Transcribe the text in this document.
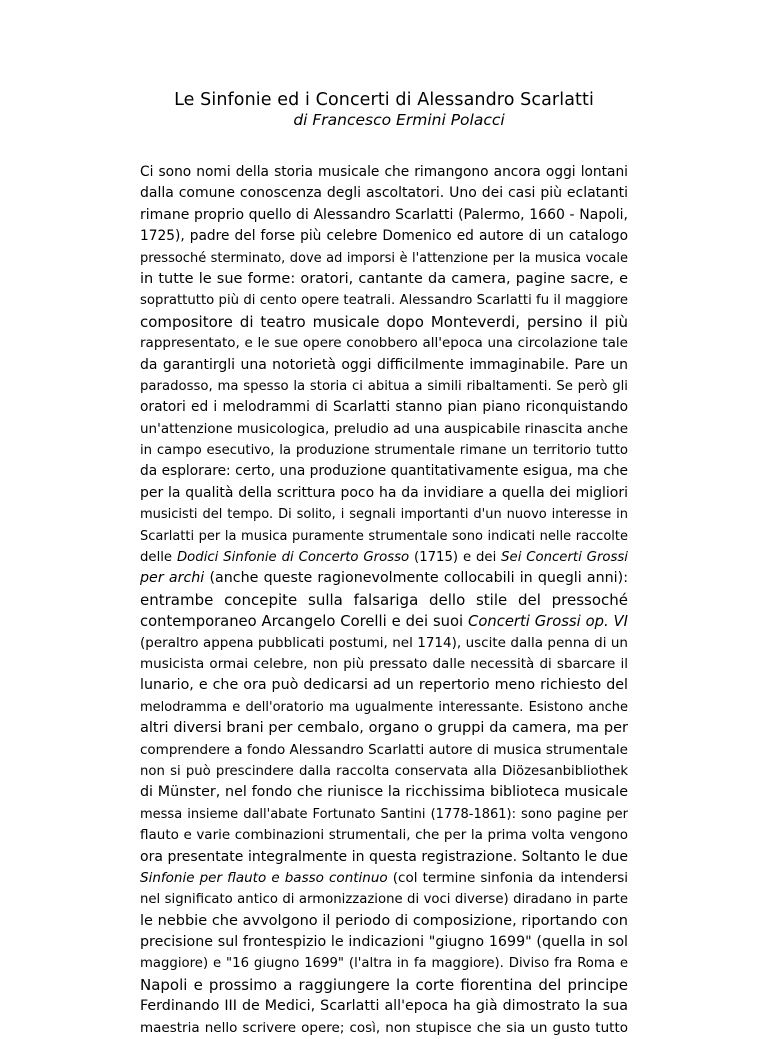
Le Sinfonie ed i Concerti di Alessandro Scarlatti
di Francesco Ermini Polacci
Ci sono nomi della storia musicale che rimangono ancora oggi lontani
dalla comune conoscenza degli ascoltatori. Uno dei casi più eclatanti
rimane proprio quello di Alessandro Scarlatti (Palermo, 1660 - Napoli,
1725), padre del forse più celebre Domenico ed autore di un catalogo
pressoché sterminato, dove ad imporsi è l'attenzione per la musica vocale
in tutte le sue forme: oratori, cantante da camera, pagine sacre, e
soprattutto più di cento opere teatrali. Alessandro Scarlatti fu il maggiore
compositore di teatro musicale dopo Monteverdi, persino il più
rappresentato, e le sue opere conobbero all'epoca una circolazione tale
da garantirgli una notorietà oggi difficilmente immaginabile. Pare un
paradosso, ma spesso la storia ci abitua a simili ribaltamenti. Se però gli
oratori ed i melodrammi di Scarlatti stanno pian piano riconquistando
un'attenzione musicologica, preludio ad una auspicabile rinascita anche
in campo esecutivo, la produzione strumentale rimane un territorio tutto
da esplorare: certo, una produzione quantitativamente esigua, ma che
per la qualità della scrittura poco ha da invidiare a quella dei migliori
musicisti del tempo. Di solito, i segnali importanti d'un nuovo interesse in
Scarlatti per la musica puramente strumentale sono indicati nelle raccolte
delle Dodici Sinfonie di Concerto Grosso (1715) e dei Sei Concerti Grossi
per archi (anche queste ragionevolmente collocabili in quegli anni):
entrambe concepite sulla falsariga dello stile del pressoché
contemporaneo Arcangelo Corelli e dei suoi Concerti Grossi op. VI
(peraltro appena pubblicati postumi, nel 1714), uscite dalla penna di un
musicista ormai celebre, non più pressato dalle necessità di sbarcare il
lunario, e che ora può dedicarsi ad un repertorio meno richiesto del
melodramma e dell'oratorio ma ugualmente interessante. Esistono anche
altri diversi brani per cembalo, organo o gruppi da camera, ma per
comprendere a fondo Alessandro Scarlatti autore di musica strumentale
non si può prescindere dalla raccolta conservata alla Diözesanbibliothek
di Münster, nel fondo che riunisce la ricchissima biblioteca musicale
messa insieme dall'abate Fortunato Santini (1778-1861): sono pagine per
flauto e varie combinazioni strumentali, che per la prima volta vengono
ora presentate integralmente in questa registrazione. Soltanto le due
Sinfonie per flauto e basso continuo (col termine sinfonia da intendersi
nel significato antico di armonizzazione di voci diverse) diradano in parte
le nebbie che avvolgono il periodo di composizione, riportando con
precisione sul frontespizio le indicazioni "giugno 1699" (quella in sol
maggiore) e "16 giugno 1699" (l'altra in fa maggiore). Diviso fra Roma e
Napoli e prossimo a raggiungere la corte fiorentina del principe
Ferdinando III de Medici, Scarlatti all'epoca ha già dimostrato la sua
maestria nello scrivere opere; così, non stupisce che sia un gusto tutto
